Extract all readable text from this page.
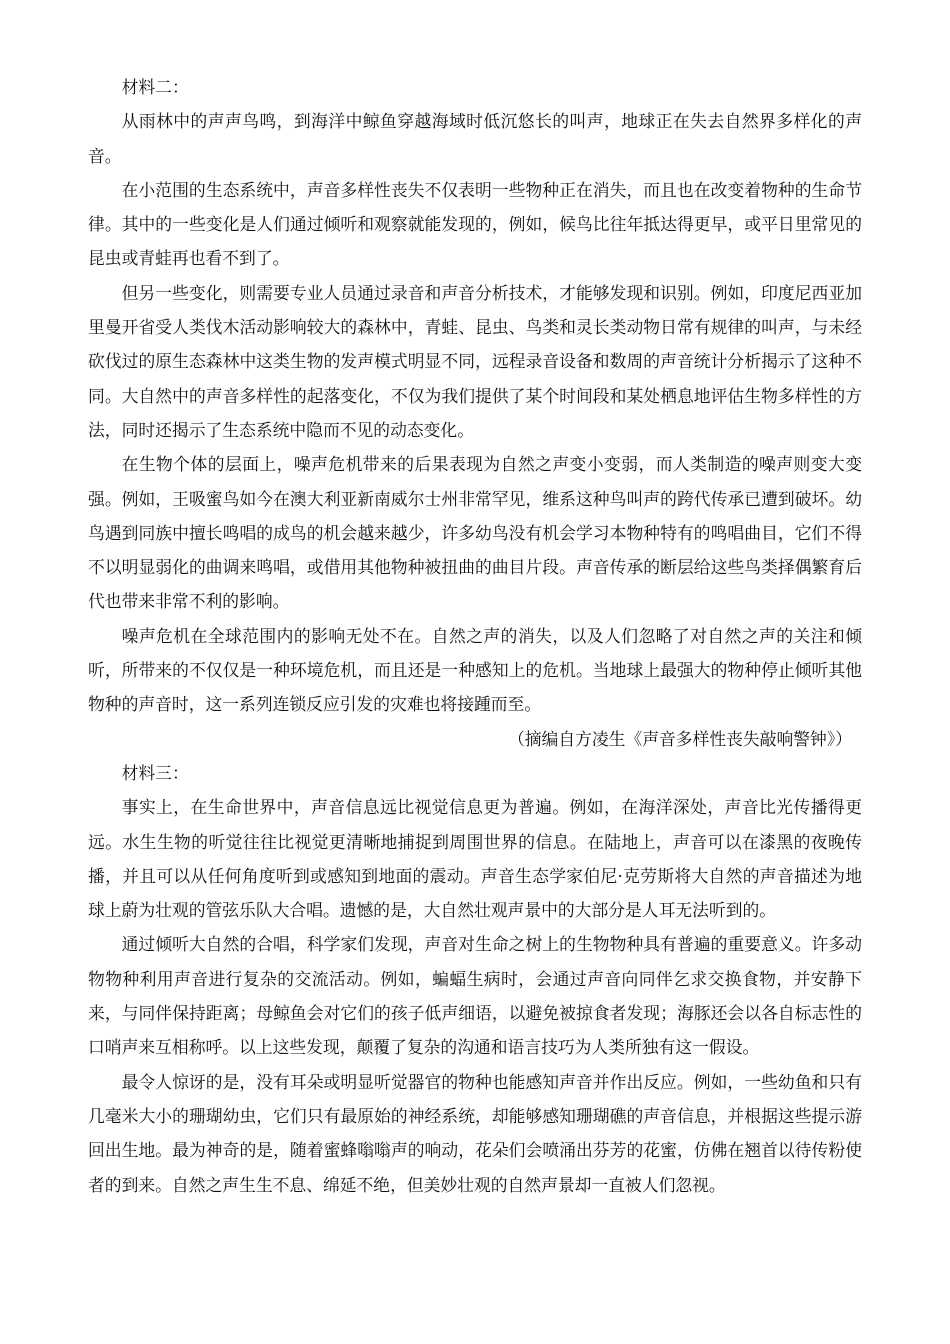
材料二：

从雨林中的声声鸟鸣，到海洋中鲸鱼穿越海域时低沉悠长的叫声，地球正在失去自然界多样化的声音。

在小范围的生态系统中，声音多样性丧失不仅表明一些物种正在消失，而且也在改变着物种的生命节律。其中的一些变化是人们通过倾听和观察就能发现的，例如，候鸟比往年抵达得更早，或平日里常见的昆虫或青蛙再也看不到了。

但另一些变化，则需要专业人员通过录音和声音分析技术，才能够发现和识别。例如，印度尼西亚加里曼开省受人类伐木活动影响较大的森林中，青蛙、昆虫、鸟类和灵长类动物日常有规律的叫声，与未经砍伐过的原生态森林中这类生物的发声模式明显不同，远程录音设备和数周的声音统计分析揭示了这种不同。大自然中的声音多样性的起落变化，不仅为我们提供了某个时间段和某处栖息地评估生物多样性的方法，同时还揭示了生态系统中隐而不见的动态变化。

在生物个体的层面上，噪声危机带来的后果表现为自然之声变小变弱，而人类制造的噪声则变大变强。例如，王吸蜜鸟如今在澳大利亚新南威尔士州非常罕见，维系这种鸟叫声的跨代传承已遭到破坏。幼鸟遇到同族中擅长鸣唱的成鸟的机会越来越少，许多幼鸟没有机会学习本物种特有的鸣唱曲目，它们不得不以明显弱化的曲调来鸣唱，或借用其他物种被扭曲的曲目片段。声音传承的断层给这些鸟类择偶繁育后代也带来非常不利的影响。

噪声危机在全球范围内的影响无处不在。自然之声的消失，以及人们忽略了对自然之声的关注和倾听，所带来的不仅仅是一种环境危机，而且还是一种感知上的危机。当地球上最强大的物种停止倾听其他物种的声音时，这一系列连锁反应引发的灾难也将接踵而至。

（摘编自方凌生《声音多样性丧失敲响警钟》）

材料三：

事实上，在生命世界中，声音信息远比视觉信息更为普遍。例如，在海洋深处，声音比光传播得更远。水生生物的听觉往往比视觉更清晰地捕捉到周围世界的信息。在陆地上，声音可以在漆黑的夜晚传播，并且可以从任何角度听到或感知到地面的震动。声音生态学家伯尼·克劳斯将大自然的声音描述为地球上蔚为壮观的管弦乐队大合唱。遗憾的是，大自然壮观声景中的大部分是人耳无法听到的。

通过倾听大自然的合唱，科学家们发现，声音对生命之树上的生物物种具有普遍的重要意义。许多动物物种利用声音进行复杂的交流活动。例如，蝙蝠生病时，会通过声音向同伴乞求交换食物，并安静下来，与同伴保持距离；母鲸鱼会对它们的孩子低声细语，以避免被掠食者发现；海豚还会以各自标志性的口哨声来互相称呼。以上这些发现，颠覆了复杂的沟通和语言技巧为人类所独有这一假设。

最令人惊讶的是，没有耳朵或明显听觉器官的物种也能感知声音并作出反应。例如，一些幼鱼和只有几毫米大小的珊瑚幼虫，它们只有最原始的神经系统，却能够感知珊瑚礁的声音信息，并根据这些提示游回出生地。最为神奇的是，随着蜜蜂嗡嗡声的响动，花朵们会喷涌出芬芳的花蜜，仿佛在翘首以待传粉使者的到来。自然之声生生不息、绵延不绝，但美妙壮观的自然声景却一直被人们忽视。
